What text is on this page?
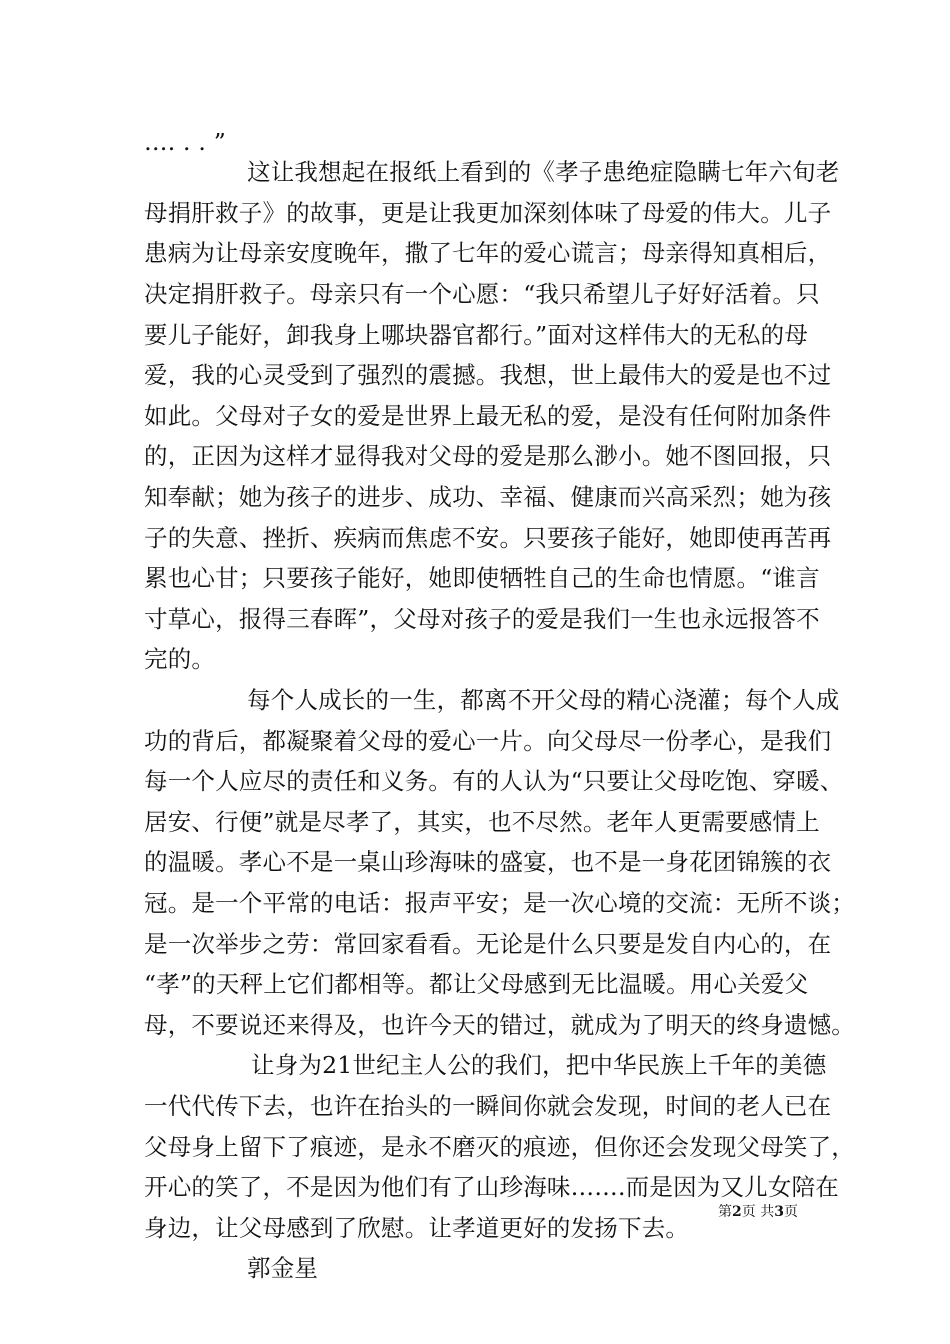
…. . . ”
这让我想起在报纸上看到的《孝子患绝症隐瞒七年六旬老
母捐肝救子》的故事，更是让我更加深刻体味了母爱的伟大。儿子
患病为让母亲安度晚年，撒了七年的爱心谎言；母亲得知真相后，
决定捐肝救子。母亲只有一个心愿：“我只希望儿子好好活着。只
要儿子能好，卸我身上哪块器官都行。”面对这样伟大的无私的母
爱，我的心灵受到了强烈的震撼。我想，世上最伟大的爱是也不过
如此。父母对子女的爱是世界上最无私的爱，是没有任何附加条件
的，正因为这样才显得我对父母的爱是那么渺小。她不图回报，只
知奉献；她为孩子的进步、成功、幸福、健康而兴高采烈；她为孩
子的失意、挫折、疾病而焦虑不安。只要孩子能好，她即使再苦再
累也心甘；只要孩子能好，她即使牺牲自己的生命也情愿。“谁言
寸草心，报得三春晖”，父母对孩子的爱是我们一生也永远报答不
完的。
每个人成长的一生，都离不开父母的精心浇灌；每个人成
功的背后，都凝聚着父母的爱心一片。向父母尽一份孝心，是我们
每一个人应尽的责任和义务。有的人认为“只要让父母吃饱、穿暖、
居安、行便”就是尽孝了，其实，也不尽然。老年人更需要感情上
的温暖。孝心不是一桌山珍海味的盛宴，也不是一身花团锦簇的衣
冠。是一个平常的电话：报声平安；是一次心境的交流：无所不谈；
是一次举步之劳：常回家看看。无论是什么只要是发自内心的，在
“孝”的天秤上它们都相等。都让父母感到无比温暖。用心关爱父
母，不要说还来得及，也许今天的错过，就成为了明天的终身遗憾。
让身为21世纪主人公的我们，把中华民族上千年的美德
一代代传下去，也许在抬头的一瞬间你就会发现，时间的老人已在
父母身上留下了痕迹，是永不磨灭的痕迹，但你还会发现父母笑了，
开心的笑了，不是因为他们有了山珍海味…….而是因为又儿女陪在
身边，让父母感到了欣慰。让孝道更好的发扬下去。
郭金星
第2页 共3页
